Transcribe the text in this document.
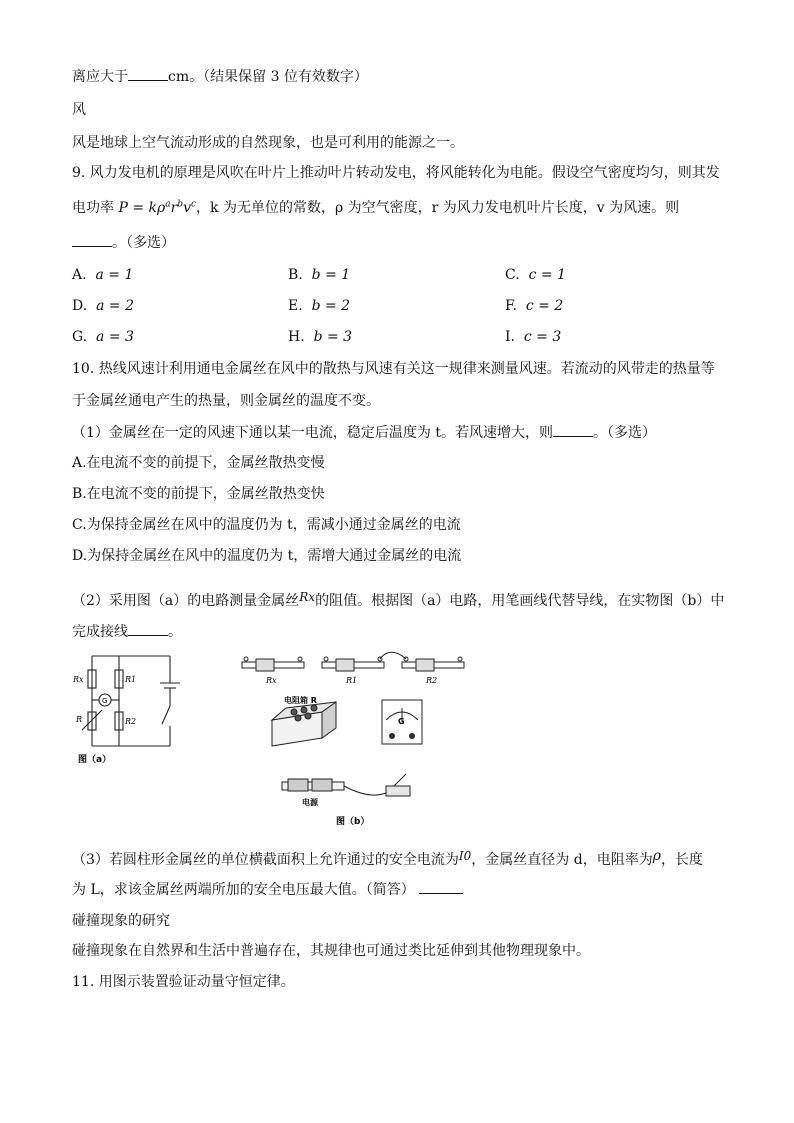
离应大于	cm。（结果保留 3 位有效数字）
风
风是地球上空气流动形成的自然现象，也是可利用的能源之一。
9. 风力发电机的原理是风吹在叶片上推动叶片转动发电，将风能转化为电能。假设空气密度均匀，则其发
电功率 $P = k\rho^ar^bv^c$，k 为无单位的常数，ρ 为空气密度，r 为风力发电机叶片长度，v 为风速。则
。（多选）
A. a = 1	B. b = 1	C. c = 1
D. a = 2	E. b = 2	F. c = 2
G. a = 3	H. b = 3	I. c = 3
10. 热线风速计利用通电金属丝在风中的散热与风速有关这一规律来测量风速。若流动的风带走的热量等
于金属丝通电产生的热量，则金属丝的温度不变。
（1）金属丝在一定的风速下通以某一电流，稳定后温度为 t。若风速增大，则	。（多选）
A.在电流不变的前提下，金属丝散热变慢
B.在电流不变的前提下，金属丝散热变快
C.为保持金属丝在风中的温度仍为 t，需减小通过金属丝的电流
D.为保持金属丝在风中的温度仍为 t，需增大通过金属丝的电流
（2）采用图（a）的电路测量金属丝Rx的阻值。根据图（a）电路，用笔画线代替导线，在实物图（b）中
完成接线	。
Rx	R1
R	R2
G
图（a）
Rx	R1	R2
电阻箱 R
G
电源
图（b）
（3）若圆柱形金属丝的单位横截面积上允许通过的安全电流为I0，金属丝直径为 d，电阻率为ρ，长度
为 L，求该金属丝两端所加的安全电压最大值。（简答）
碰撞现象的研究
碰撞现象在自然界和生活中普遍存在，其规律也可通过类比延伸到其他物理现象中。
11. 用图示装置验证动量守恒定律。
